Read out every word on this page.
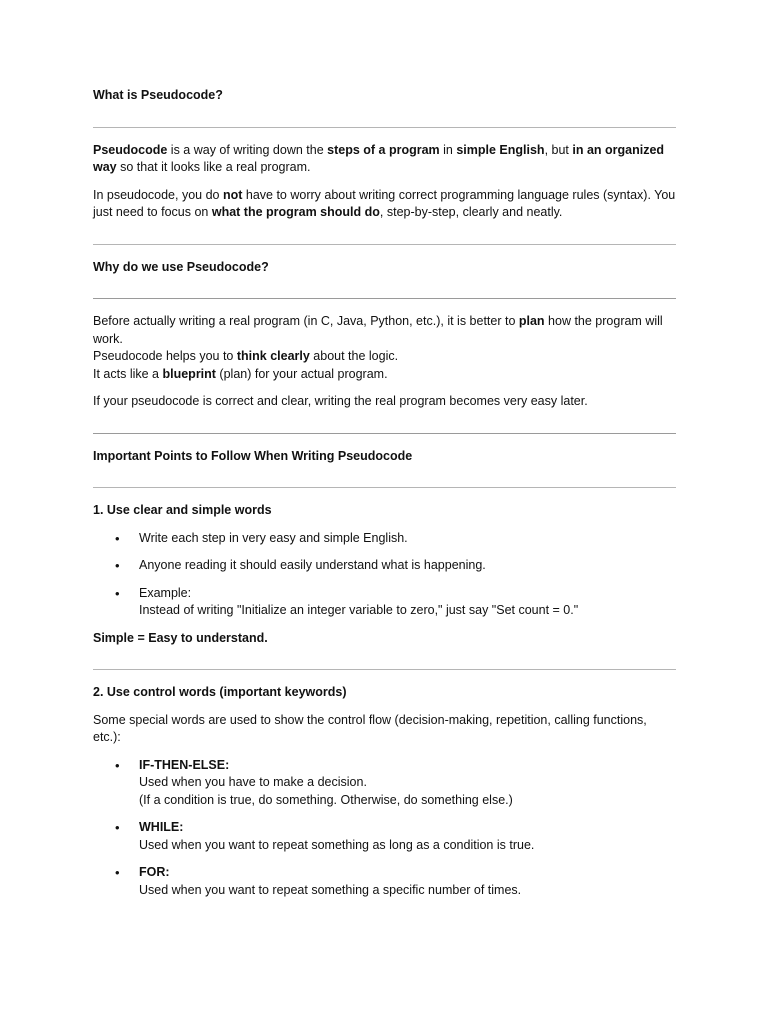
What is Pseudocode?

Pseudocode is a way of writing down the steps of a program in simple English, but in an organized way so that it looks like a real program.

In pseudocode, you do not have to worry about writing correct programming language rules (syntax). You just need to focus on what the program should do, step-by-step, clearly and neatly.

Why do we use Pseudocode?

Before actually writing a real program (in C, Java, Python, etc.), it is better to plan how the program will work.
Pseudocode helps you to think clearly about the logic.
It acts like a blueprint (plan) for your actual program.

If your pseudocode is correct and clear, writing the real program becomes very easy later.

Important Points to Follow When Writing Pseudocode
1. Use clear and simple words
• Write each step in very easy and simple English.
• Anyone reading it should easily understand what is happening.
• Example:
Instead of writing "Initialize an integer variable to zero," just say "Set count = 0."

Simple = Easy to understand.

2. Use control words (important keywords)

Some special words are used to show the control flow (decision-making, repetition, calling functions, etc.):

• IF-THEN-ELSE:
Used when you have to make a decision.
(If a condition is true, do something. Otherwise, do something else.)
• WHILE:
Used when you want to repeat something as long as a condition is true.
• FOR:
Used when you want to repeat something a specific number of times.
